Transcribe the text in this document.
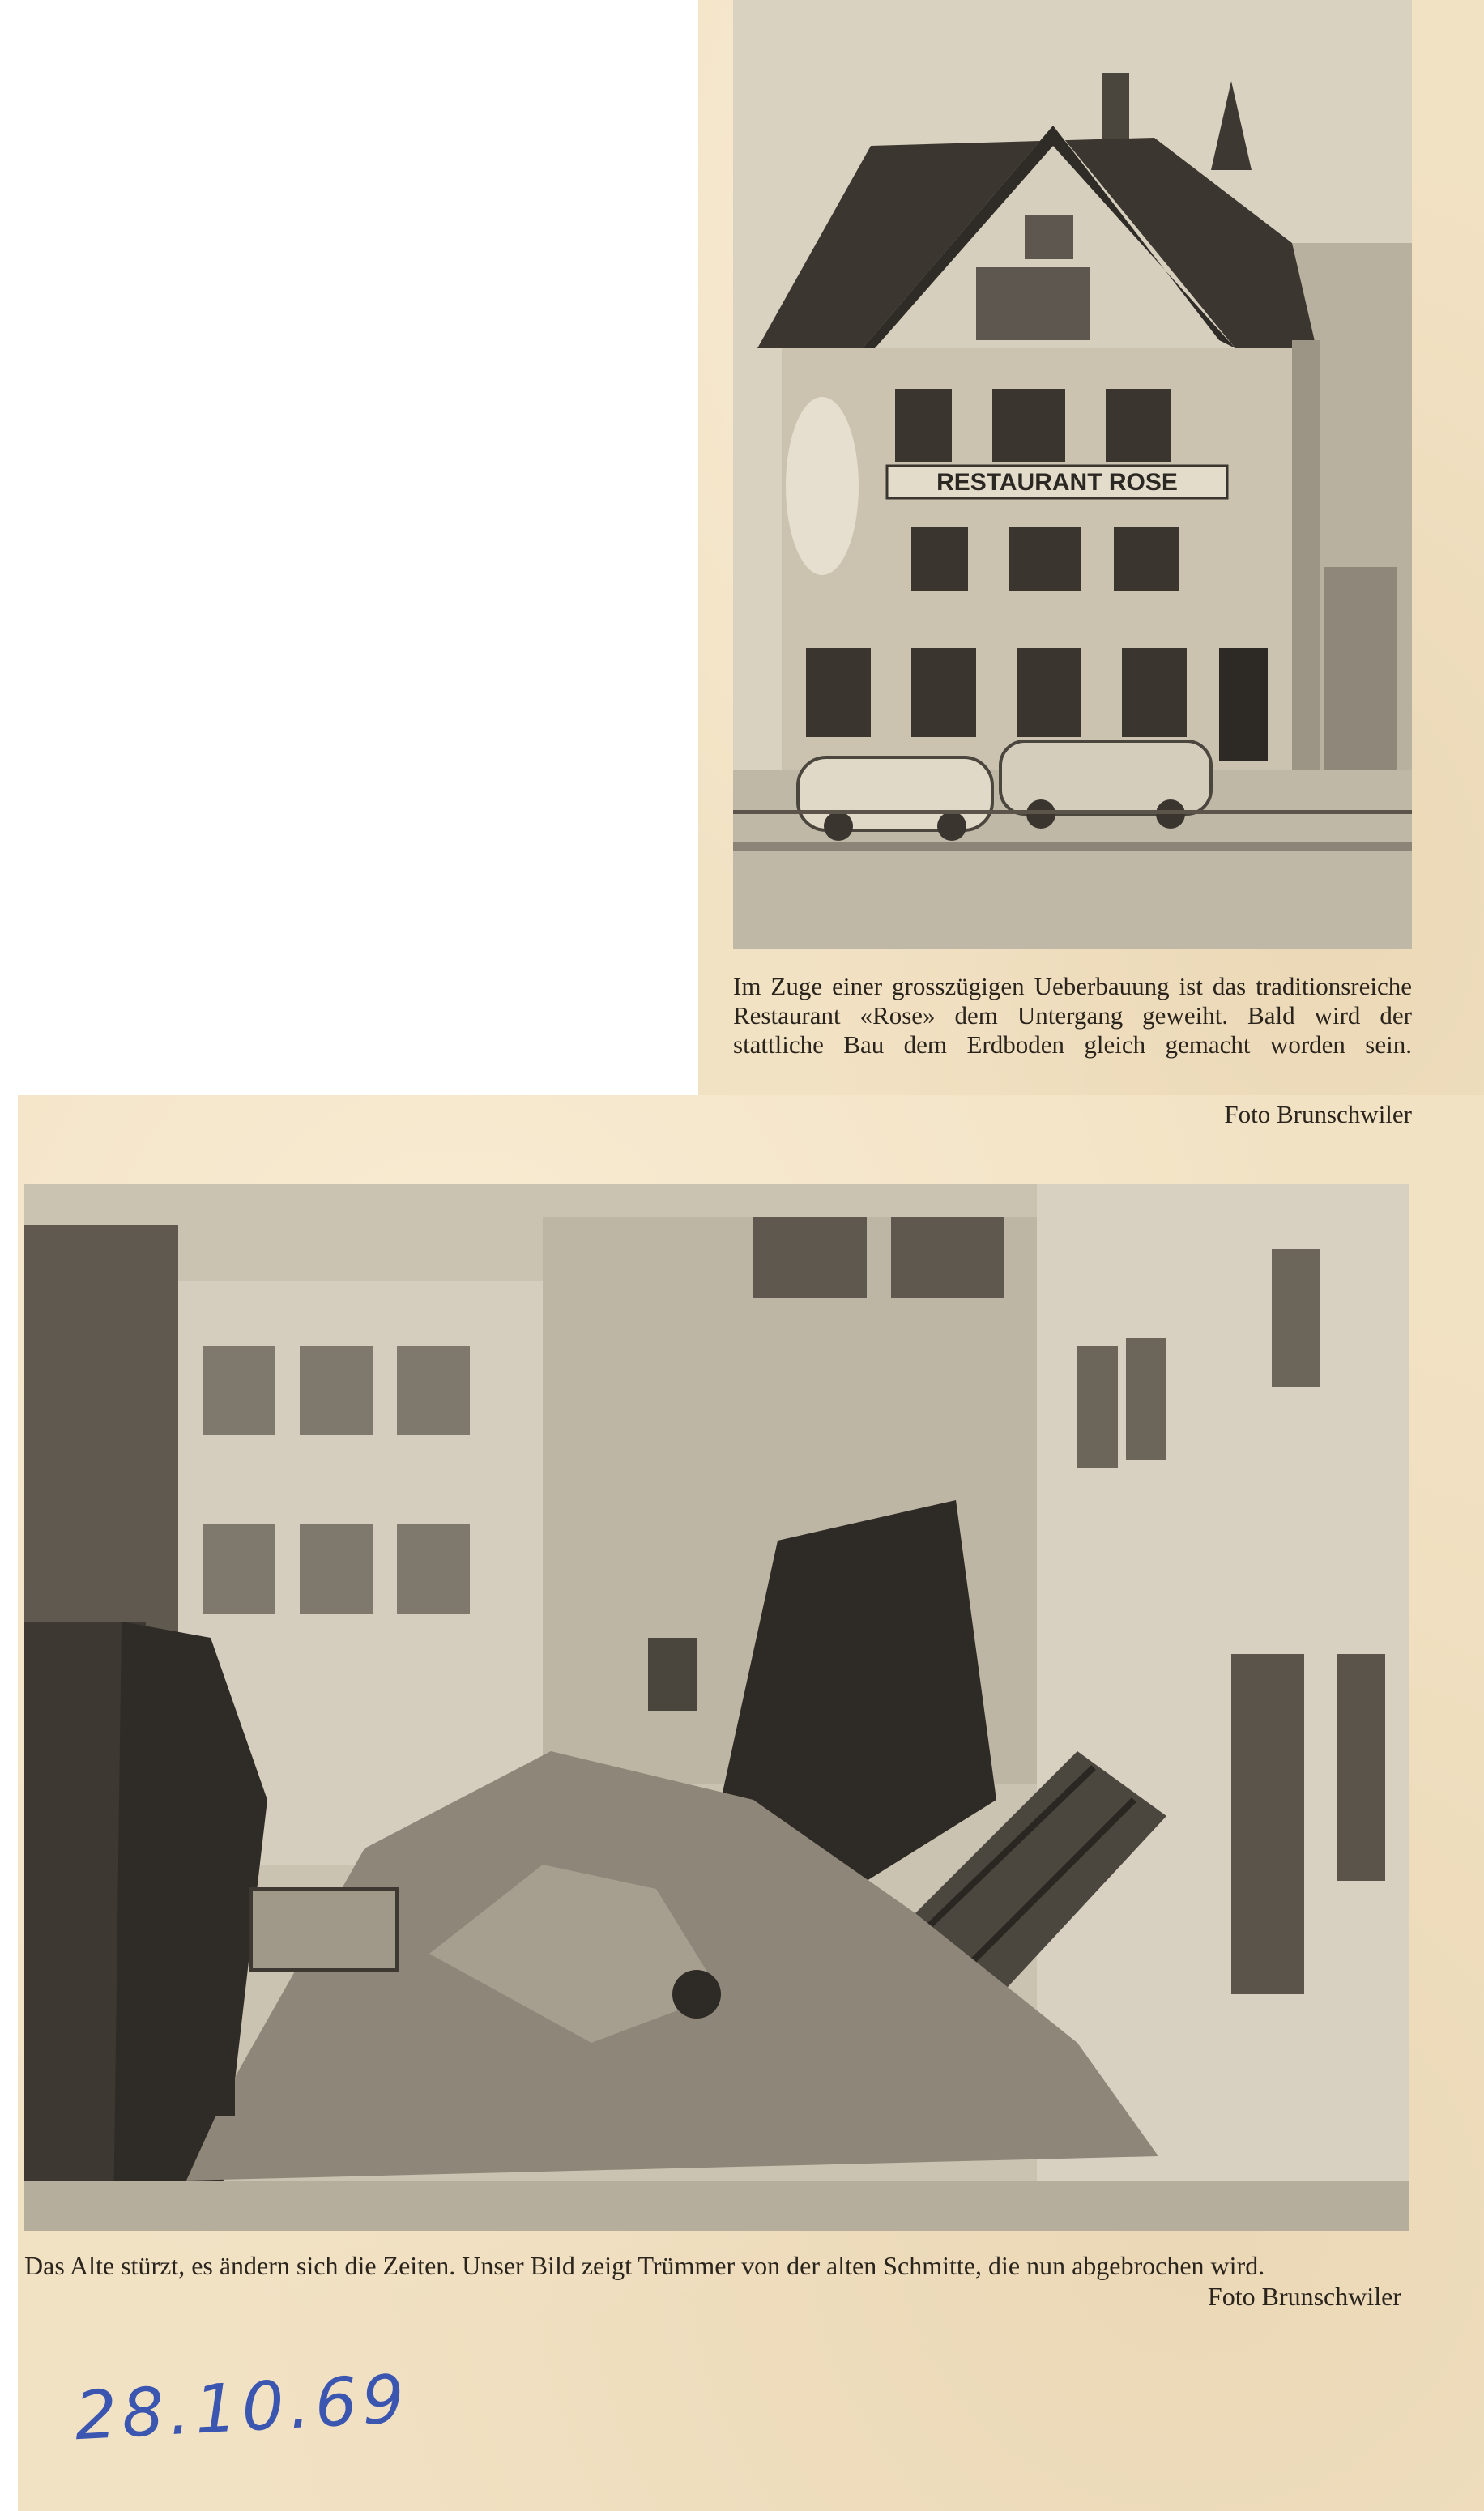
RESTAURANT ROSE

Im Zuge einer grosszügigen Ueberbauung ist das traditionsreiche Restaurant «Rose» dem Untergang geweiht. Bald wird der stattliche Bau dem Erdboden gleich gemacht worden sein.

Foto Brunschwiler

Das Alte stürzt, es ändern sich die Zeiten. Unser Bild zeigt Trümmer von der alten Schmitte, die nun abgebrochen wird.

Foto Brunschwiler

28.10.69
